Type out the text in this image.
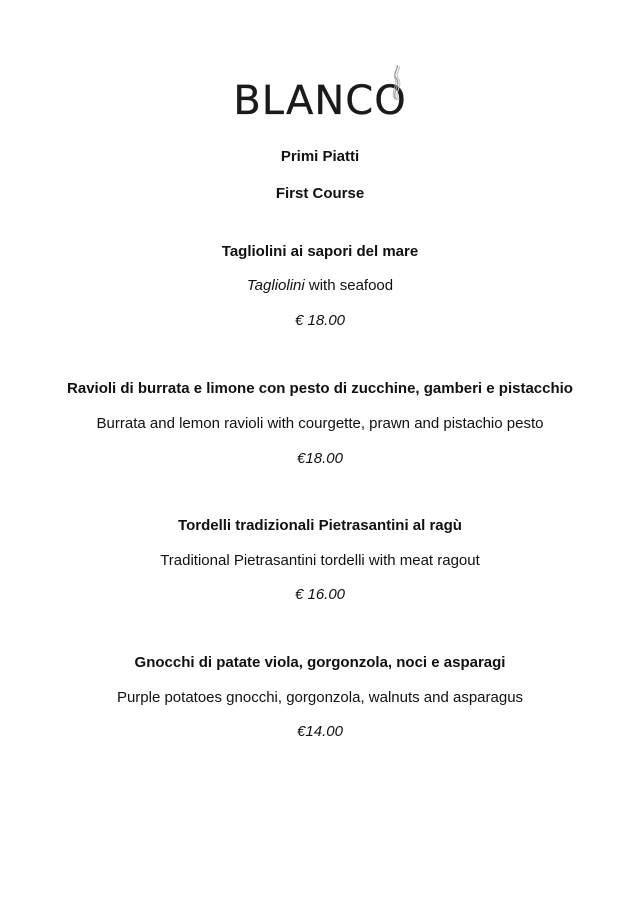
BLANCO
Primi Piatti
First Course
Tagliolini ai sapori del mare
Tagliolini with seafood
€ 18.00
Ravioli di burrata e limone con pesto di zucchine, gamberi e pistacchio
Burrata and lemon ravioli with courgette, prawn and pistachio pesto
€18.00
Tordelli tradizionali Pietrasantini al ragù
Traditional Pietrasantini tordelli with meat ragout
€ 16.00
Gnocchi di patate viola, gorgonzola, noci e asparagi
Purple potatoes gnocchi, gorgonzola, walnuts and asparagus
€14.00
